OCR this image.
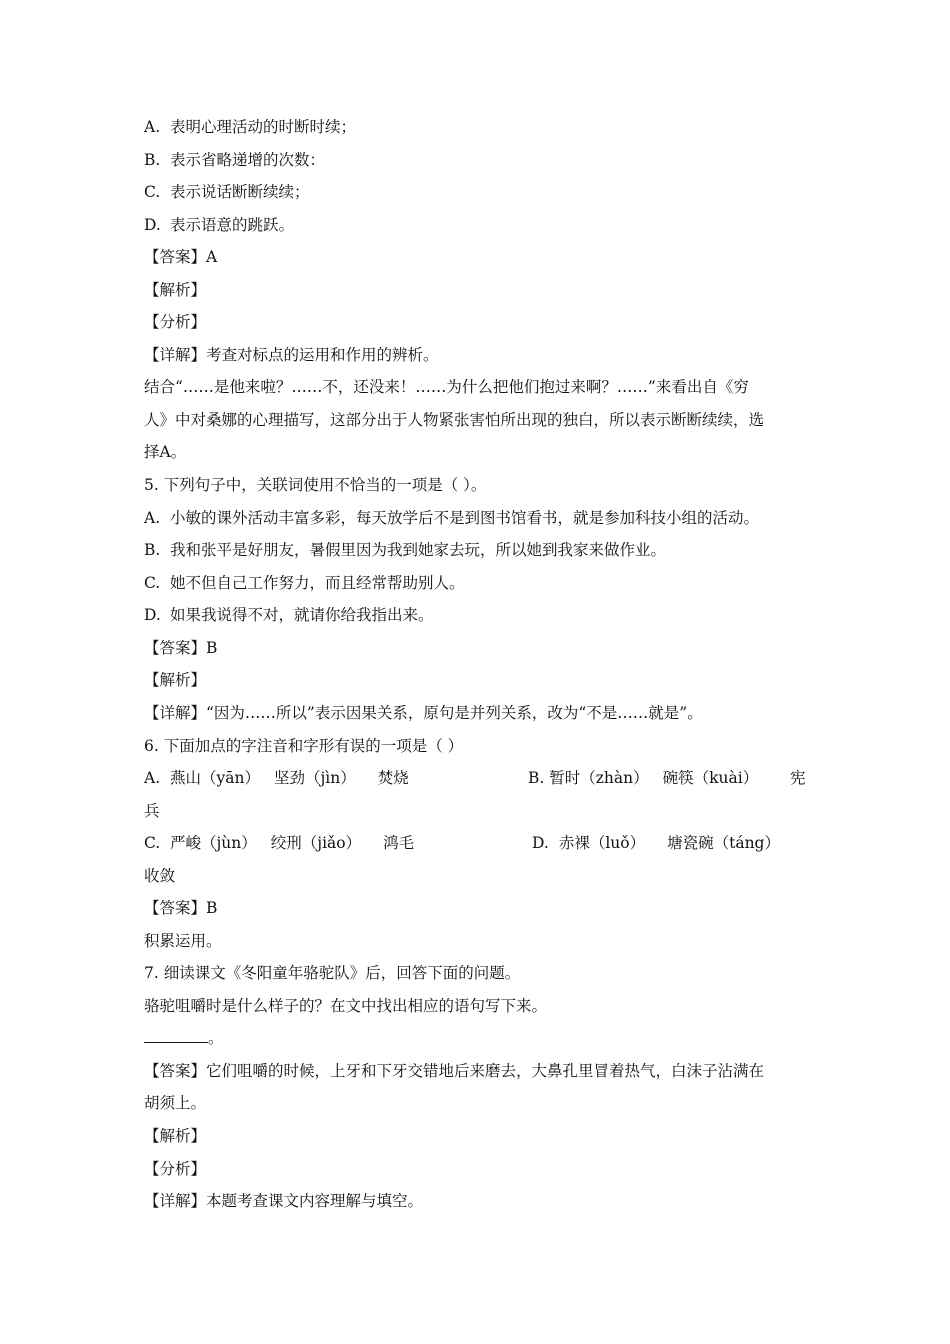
A. 表明心理活动的时断时续；
B. 表示省略递增的次数：
C. 表示说话断断续续；
D. 表示语意的跳跃。
【答案】A
【解析】
【分析】
【详解】考查对标点的运用和作用的辨析。
结合“……是他来啦？……不，还没来！……为什么把他们抱过来啊？……”来看出自《穷
人》中对桑娜的心理描写，这部分出于人物紧张害怕所出现的独白，所以表示断断续续，选
择A。
5. 下列句子中，关联词使用不恰当的一项是（ ）。
A. 小敏的课外活动丰富多彩，每天放学后不是到图书馆看书，就是参加科技小组的活动。
B. 我和张平是好朋友，暑假里因为我到她家去玩，所以她到我家来做作业。
C. 她不但自己工作努力，而且经常帮助别人。
D. 如果我说得不对，就请你给我指出来。
【答案】B
【解析】
【详解】“因为……所以”表示因果关系，原句是并列关系，改为“不是……就是”。
6. 下面加点的字注音和字形有误的一项是（ ）
A. 燕山（yān） 坚劲（jìn） 焚烧	B. 暂时（zhàn） 碗筷（kuài） 宪
兵
C. 严峻（jùn） 绞刑（jiǎo） 鸿毛	D. 赤裸（luǒ） 塘瓷碗（táng）
收敛
【答案】B
积累运用。
7. 细读课文《冬阳童年骆驼队》后，回答下面的问题。
骆驼咀嚼时是什么样子的？在文中找出相应的语句写下来。
。
【答案】它们咀嚼的时候，上牙和下牙交错地后来磨去，大鼻孔里冒着热气，白沫子沾满在
胡须上。
【解析】
【分析】
【详解】本题考查课文内容理解与填空。
